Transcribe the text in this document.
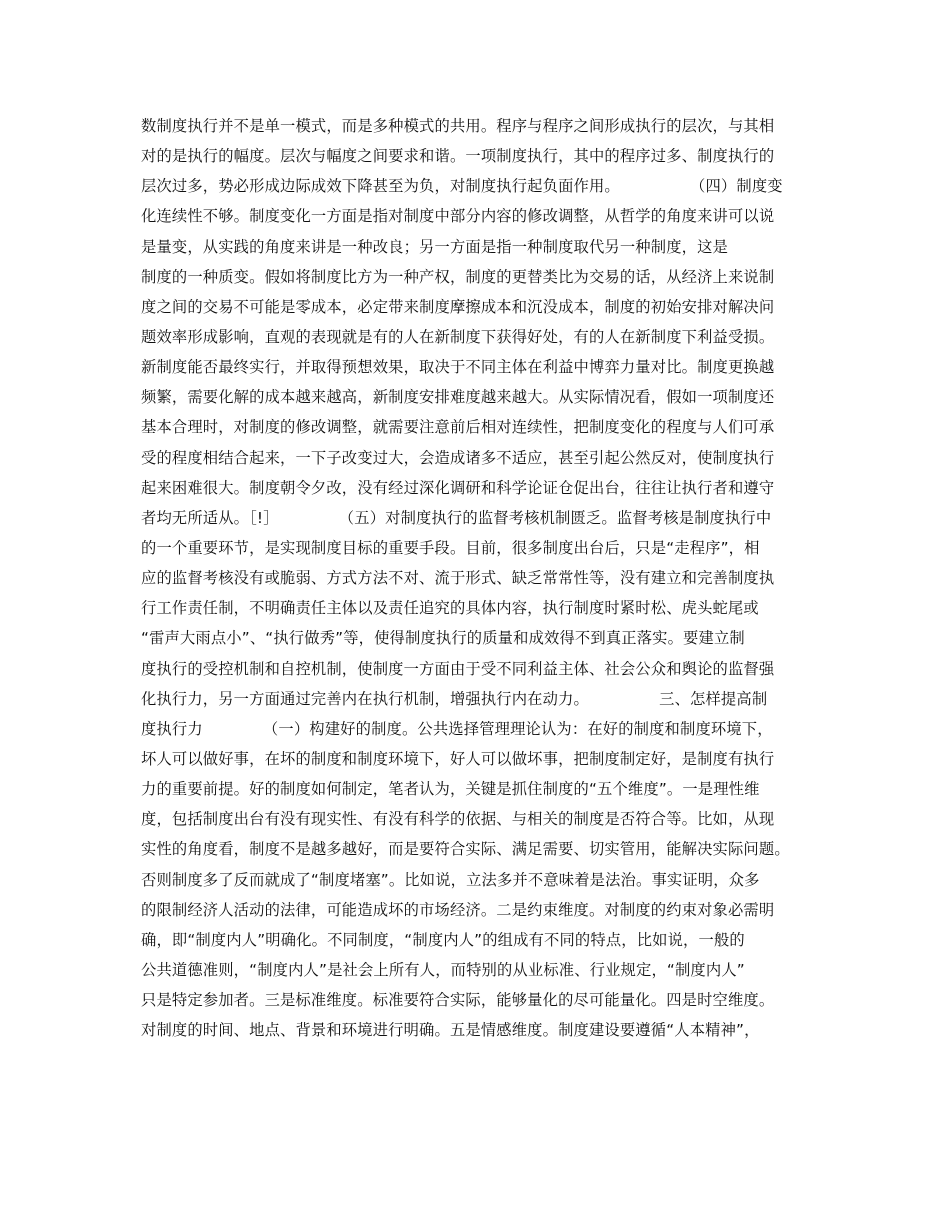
数制度执行并不是单一模式，而是多种模式的共用。程序与程序之间形成执行的层次，与其相
对的是执行的幅度。层次与幅度之间要求和谐。一项制度执行，其中的程序过多、制度执行的
层次过多，势必形成边际成效下降甚至为负，对制度执行起负面作用。              （四）制度变
化连续性不够。制度变化一方面是指对制度中部分内容的修改调整，从哲学的角度来讲可以说
是量变，从实践的角度来讲是一种改良；另一方面是指一种制度取代另一种制度，这是
制度的一种质变。假如将制度比方为一种产权，制度的更替类比为交易的话，从经济上来说制
度之间的交易不可能是零成本，必定带来制度摩擦成本和沉没成本，制度的初始安排对解决问
题效率形成影响，直观的表现就是有的人在新制度下获得好处，有的人在新制度下利益受损。
新制度能否最终实行，并取得预想效果，取决于不同主体在利益中博弈力量对比。制度更换越
频繁，需要化解的成本越来越高，新制度安排难度越来越大。从实际情况看，假如一项制度还
基本合理时，对制度的修改调整，就需要注意前后相对连续性，把制度变化的程度与人们可承
受的程度相结合起来，一下子改变过大，会造成诸多不适应，甚至引起公然反对，使制度执行
起来困难很大。制度朝令夕改，没有经过深化调研和科学论证仓促出台，往往让执行者和遵守
者均无所适从。［!］            （五）对制度执行的监督考核机制匮乏。监督考核是制度执行中
的一个重要环节，是实现制度目标的重要手段。目前，很多制度出台后，只是“走程序”，相
应的监督考核没有或脆弱、方式方法不对、流于形式、缺乏常常性等，没有建立和完善制度执
行工作责任制，不明确责任主体以及责任追究的具体内容，执行制度时紧时松、虎头蛇尾或
“雷声大雨点小”、“执行做秀”等，使得制度执行的质量和成效得不到真正落实。要建立制
度执行的受控机制和自控机制，使制度一方面由于受不同利益主体、社会公众和舆论的监督强
化执行力，另一方面通过完善内在执行机制，增强执行内在动力。              三、怎样提高制
度执行力            （一）构建好的制度。公共选择管理理论认为：在好的制度和制度环境下，
坏人可以做好事，在坏的制度和制度环境下，好人可以做坏事，把制度制定好，是制度有执行
力的重要前提。好的制度如何制定，笔者认为，关键是抓住制度的“五个维度”。一是理性维
度，包括制度出台有没有现实性、有没有科学的依据、与相关的制度是否符合等。比如，从现
实性的角度看，制度不是越多越好，而是要符合实际、满足需要、切实管用，能解决实际问题。
否则制度多了反而就成了“制度堵塞”。比如说，立法多并不意味着是法治。事实证明，众多
的限制经济人活动的法律，可能造成坏的市场经济。二是约束维度。对制度的约束对象必需明
确，即“制度内人”明确化。不同制度，“制度内人”的组成有不同的特点，比如说，一般的
公共道德准则，“制度内人”是社会上所有人，而特别的从业标准、行业规定，“制度内人”
只是特定参加者。三是标准维度。标准要符合实际，能够量化的尽可能量化。四是时空维度。
对制度的时间、地点、背景和环境进行明确。五是情感维度。制度建设要遵循“人本精神”，
